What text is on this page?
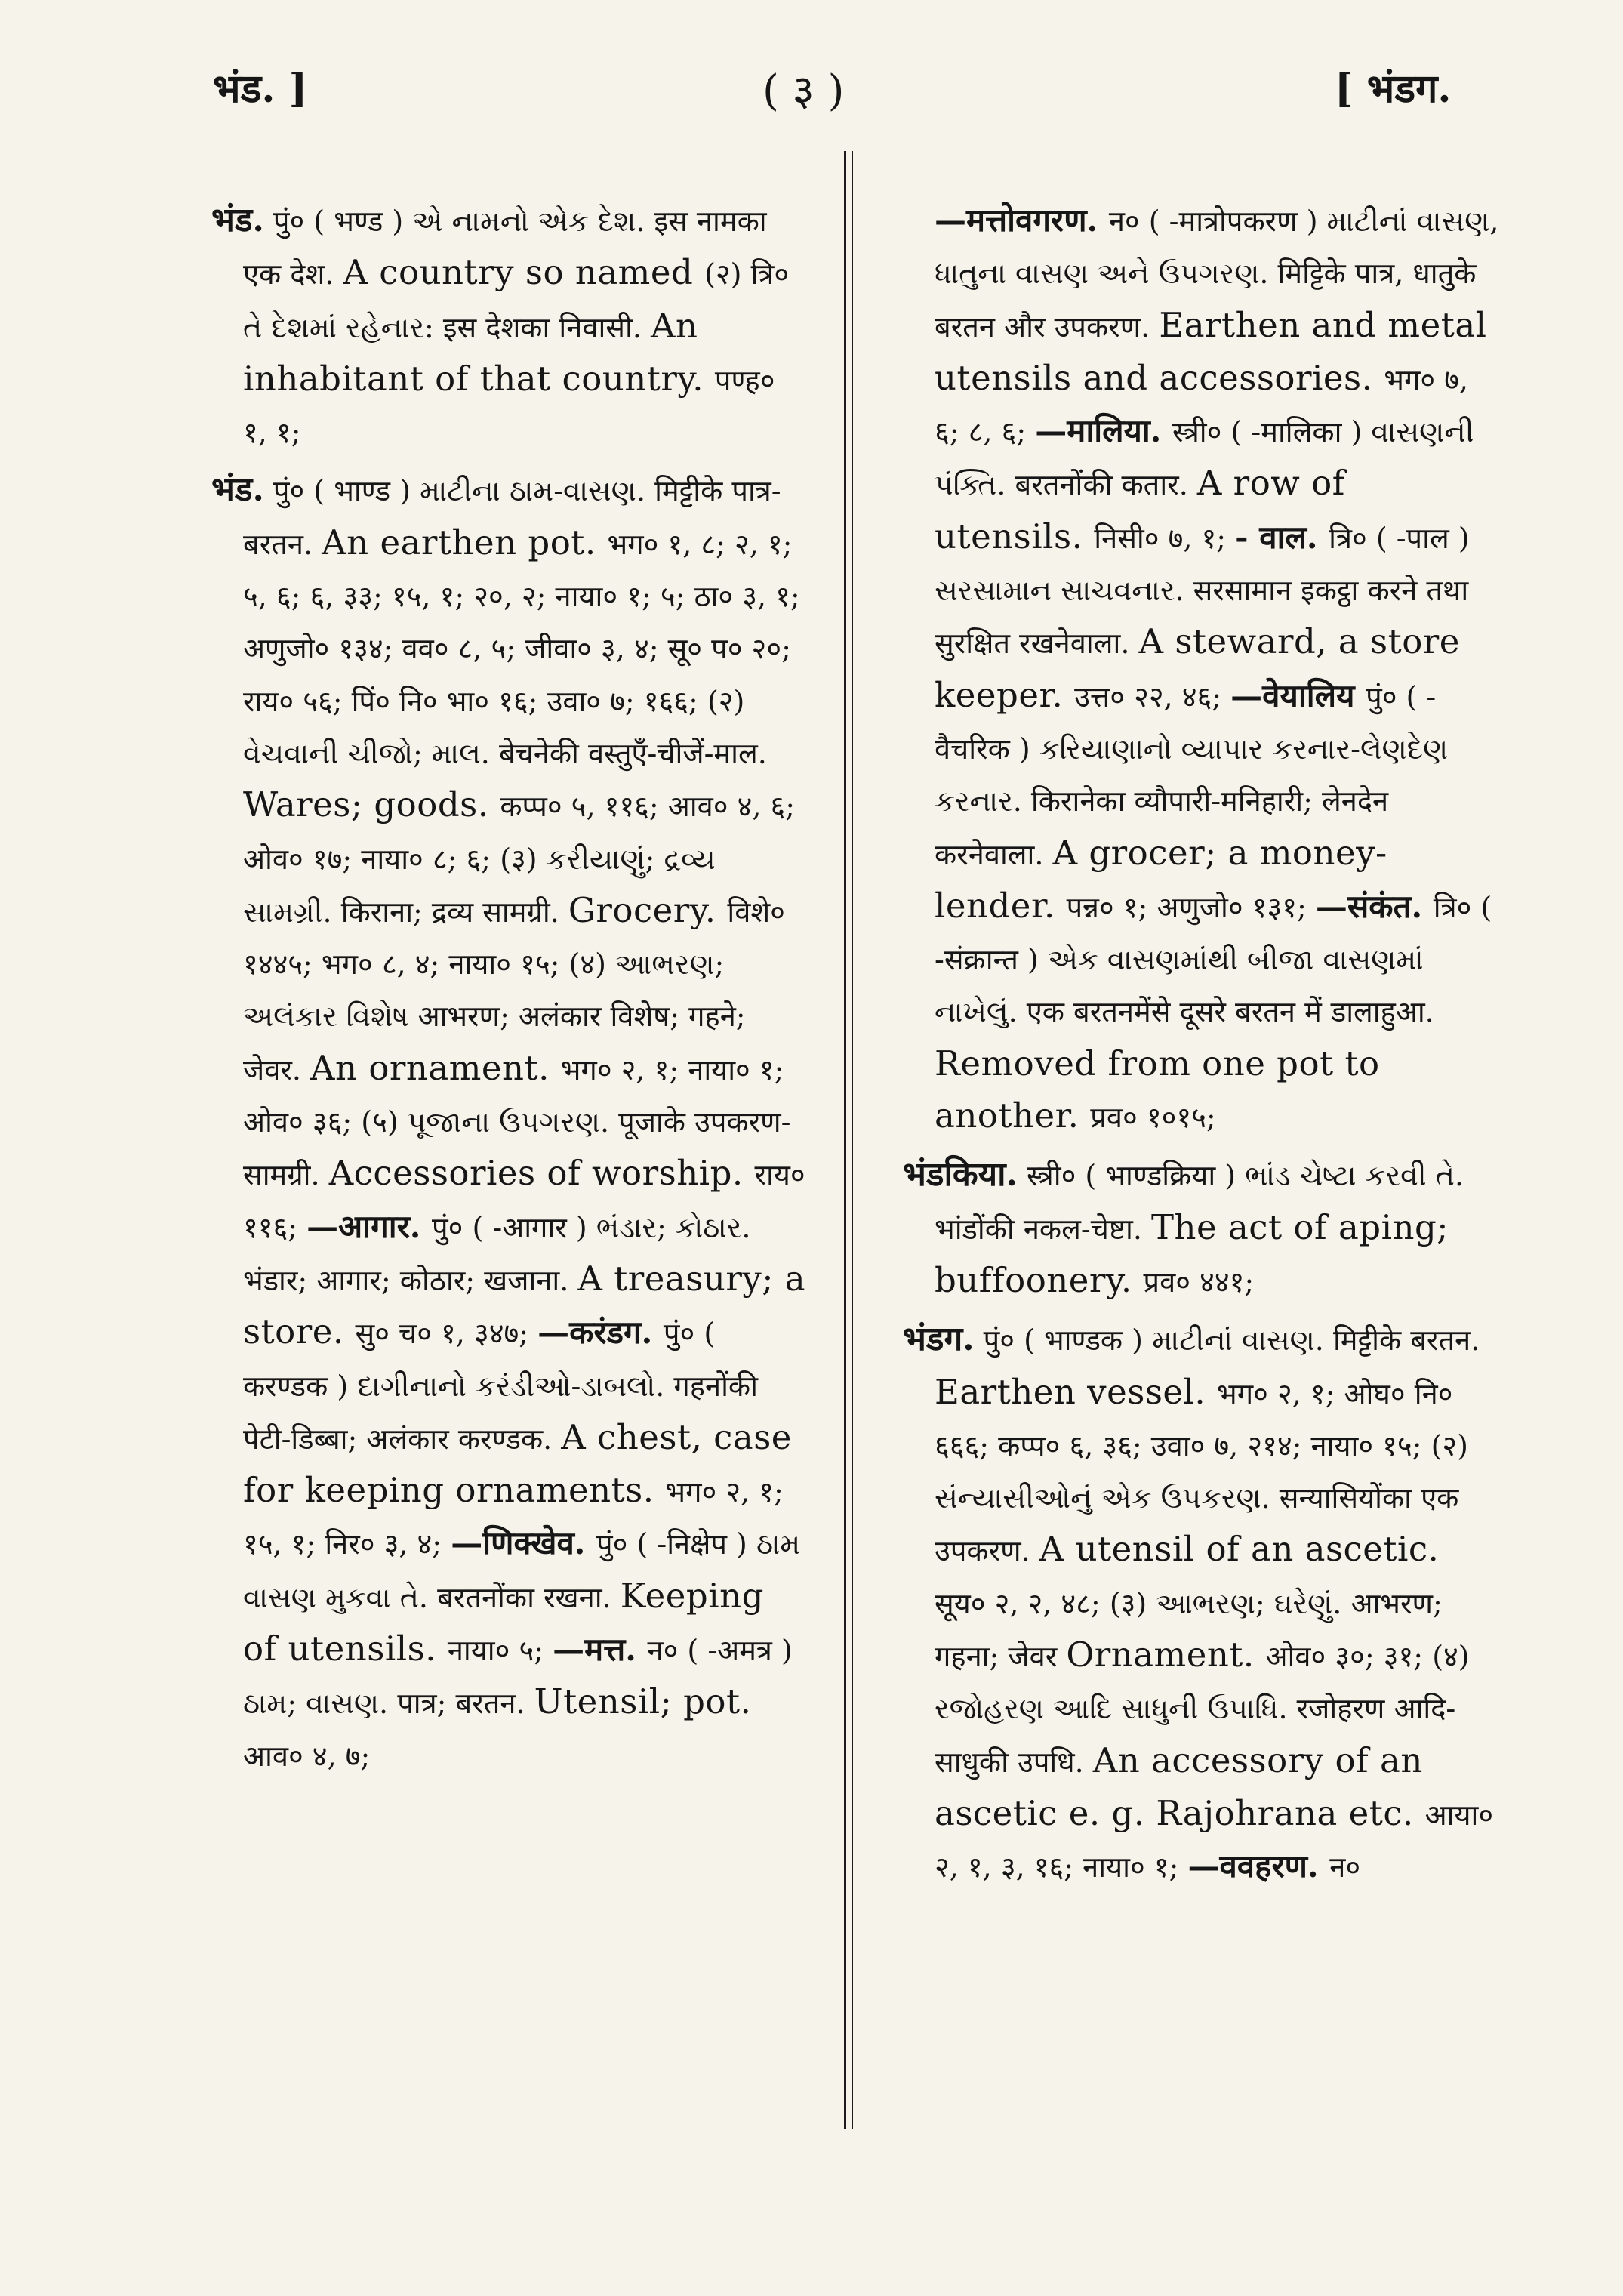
भंड. ]	( ३ )	[ भंडग.
भंड. पुं० ( भण्ड ) એ નામનો એક દેશ. इस नामका एक देश. A country so named (२) त्रि० તે દેશમાં રહેનાર: इस देशका निवासी. An inhabitant of that country. पण्ह० १, १;
भंड. पुं० ( भाण्ड ) માટીના ઠામ-વાસણ. मिट्टीके पात्र-बरतन. An earthen pot. भग० १, ८; २, १; ५, ६; ६, ३३; १५, १; २०, २; नाया० १; ५; ठा० ३, १; अणुजो० १३४; वव० ८, ५; जीवा० ३, ४; सू० प० २०; राय० ५६; पिं० नि० भा० १६; उवा० ७; १६६; (२) વેચવાની ચીજો; માલ. बेचनेकी वस्तुएँ-चीजें-माल. Wares; goods. कप्प० ५, ११६; आव० ४, ६; ओव० १७; नाया० ८; ६; (३) કરીયાણું; દ્રવ્ય સામગ્રી. किराना; द्रव्य सामग्री. Grocery. विशे० १४४५; भग० ८, ४; नाया० १५; (४) આભરણ; અલંકાર વિશેષ आभरण; अलंकार विशेष; गहने; जेवर. An ornament. भग० २, १; नाया० १; ओव० ३६; (५) પૂજાના ઉપગરણ. पूजाके उपकरण-सामग्री. Accessories of worship. राय० ११६; —आगार. पुं० ( -आगार ) ભંડાર; કોઠાર. भंडार; आगार; कोठार; खजाना. A treasury; a store. सु० च० १, ३४७; —करंडग. पुं० ( करण्डक ) દાગીનાનો કરંડીઓ-ડાબલો. गहनोंकी पेटी-डिब्बा; अलंकार करण्डक. A chest, case for keeping ornaments. भग० २, १; १५, १; निर० ३, ४; —णिक्खेव. पुं० ( -निक्षेप ) ઠામ વાસણ મુકવા તે. बरतनोंका रखना. Keeping of utensils. नाया० ५; —मत्त. न० ( -अमत्र ) ઠામ; વાસણ. पात्र; बरतन. Utensil; pot. आव० ४, ७;
—मत्तोवगरण. न० ( -मात्रोपकरण ) માટીનાં વાસણ, ધાતુના વાસણ અને ઉપગરણ. मिट्टिके पात्र, धातुके बरतन और उपकरण. Earthen and metal utensils and accessories. भग० ७, ६; ८, ६; —मालिया. स्त्री० ( -मालिका ) વાસણની પંક્તિ. बरतनोंकी कतार. A row of utensils. निसी० ७, १; - वाल. त्रि० ( -पाल ) સરસામાન સાચવનાર. सरसामान इकट्ठा करने तथा सुरक्षित रखनेवाला. A steward, a store keeper. उत्त० २२, ४६; —वेयालिय पुं० ( -वैचरिक ) કરિયાણાનો વ્યાપાર કરનાર-લેણદેણ કરનાર. किरानेका व्यौपारी-मनिहारी; लेनदेन करनेवाला. A grocer; a money-lender. पन्न० १; अणुजो० १३१; —संकंत. त्रि० ( -संक्रान्त ) એક વાસણમાંથી બીજા વાસણમાં નાખેલું. एक बरतनमेंसे दूसरे बरतन में डालाहुआ. Removed from one pot to another. प्रव० १०१५;
भंडकिया. स्त्री० ( भाण्डक्रिया ) ભાંડ ચેષ્ટા કરવી તે. भांडोंकी नकल-चेष्टा. The act of aping; buffoonery. प्रव० ४४१;
भंडग. पुं० ( भाण्डक ) માટીનાં વાસણ. मिट्टीके बरतन. Earthen vessel. भग० २, १; ओघ० नि० ६६६; कप्प० ६, ३६; उवा० ७, २१४; नाया० १५; (२) સંન્યાસીઓનું એક ઉપકરણ. सन्यासियोंका एक उपकरण. A utensil of an ascetic. सूय० २, २, ४८; (३) આભરણ; ઘરેણું. आभरण; गहना; जेवर Ornament. ओव० ३०; ३१; (४) રજોહરણ આદિ સાધુની ઉપાધિ. रजोहरण आदि-साधुकी उपधि. An accessory of an ascetic e. g. Rajohrana etc. आया० २, १, ३, १६; नाया० १; —ववहरण. न०
